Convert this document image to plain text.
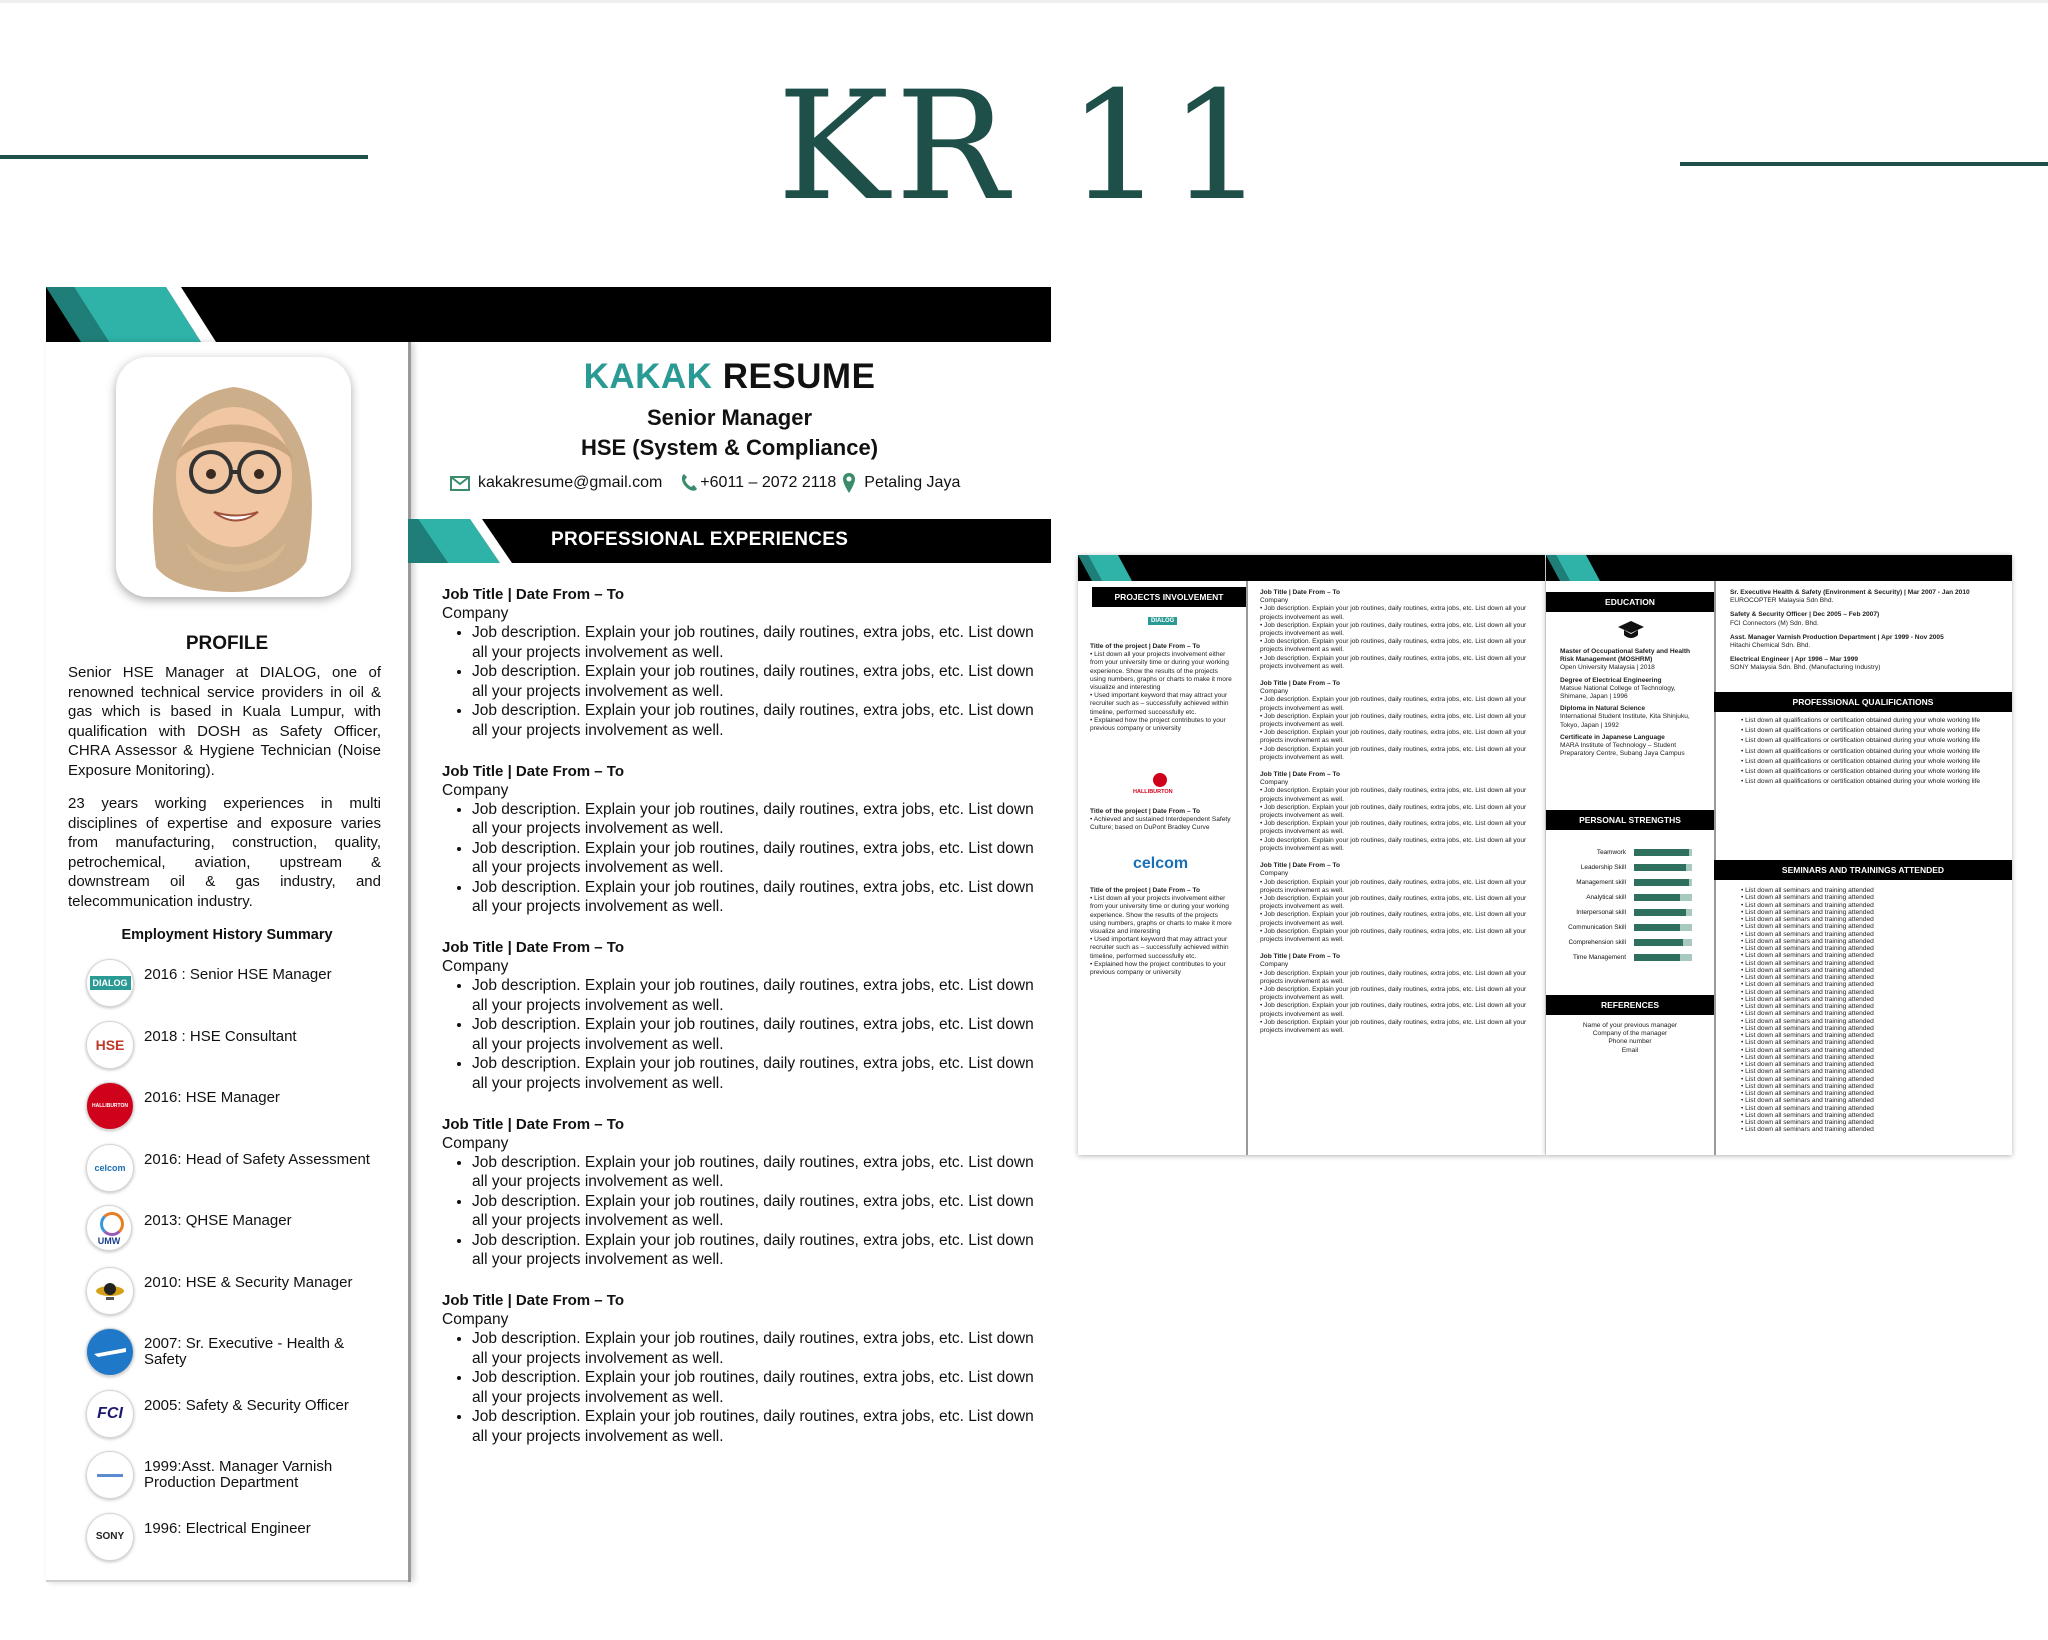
KR 11
PROFILE
Senior HSE Manager at DIALOG, one of renowned technical service providers in oil & gas which is based in Kuala Lumpur, with qualification with DOSH as Safety Officer, CHRA Assessor & Hygiene Technician (Noise Exposure Monitoring).
23 years working experiences in multi disciplines of expertise and exposure varies from manufacturing, construction, quality, petrochemical, aviation, upstream & downstream oil & gas industry, and telecommunication industry.
Employment History Summary
DIALOG 2016 : Senior HSE Manager
HSE 2018 : HSE Consultant
HALLIBURTON 2016: HSE Manager
celcom 2016: Head of Safety Assessment
UMW
2013: QHSE Manager
2010: HSE & Security Manager
2007: Sr. Executive - Health & Safety
FCI 2005: Safety & Security Officer
1999:Asst. Manager Varnish Production Department
SONY 1996: Electrical Engineer
KAKAK RESUME
Senior Manager
HSE (System & Compliance)
kakakresume@gmail.com +6011 – 2072 2118 Petaling Jaya
PROFESSIONAL EXPERIENCES
Job Title | Date From – To
Company
• Job description. Explain your job routines, daily routines, extra jobs, etc. List down all your projects involvement as well.
• Job description. Explain your job routines, daily routines, extra jobs, etc. List down all your projects involvement as well.
• Job description. Explain your job routines, daily routines, extra jobs, etc. List down all your projects involvement as well.
Job Title | Date From – To
Company
• Job description. Explain your job routines, daily routines, extra jobs, etc. List down all your projects involvement as well.
• Job description. Explain your job routines, daily routines, extra jobs, etc. List down all your projects involvement as well.
• Job description. Explain your job routines, daily routines, extra jobs, etc. List down all your projects involvement as well.
Job Title | Date From – To
Company
• Job description. Explain your job routines, daily routines, extra jobs, etc. List down all your projects involvement as well.
• Job description. Explain your job routines, daily routines, extra jobs, etc. List down all your projects involvement as well.
• Job description. Explain your job routines, daily routines, extra jobs, etc. List down all your projects involvement as well.
Job Title | Date From – To
Company
• Job description. Explain your job routines, daily routines, extra jobs, etc. List down all your projects involvement as well.
• Job description. Explain your job routines, daily routines, extra jobs, etc. List down all your projects involvement as well.
• Job description. Explain your job routines, daily routines, extra jobs, etc. List down all your projects involvement as well.
Job Title | Date From – To
Company
• Job description. Explain your job routines, daily routines, extra jobs, etc. List down all your projects involvement as well.
• Job description. Explain your job routines, daily routines, extra jobs, etc. List down all your projects involvement as well.
• Job description. Explain your job routines, daily routines, extra jobs, etc. List down all your projects involvement as well.
PROJECTS INVOLVEMENT
DIALOG
Title of the project | Date From – To
• List down all your projects involvement either from your university time or during your working experience. Show the results of the projects using numbers, graphs or charts to make it more visualize and interesting
• Used important keyword that may attract your recruiter such as – successfully achieved within timeline, performed successfully etc.
• Explained how the project contributes to your previous company or university
HALLIBURTON
Title of the project | Date From – To
• Achieved and sustained Interdependent Safety Culture; based on DuPont Bradley Curve
celcom
Title of the project | Date From – To
• List down all your projects involvement either from your university time or during your working experience. Show the results of the projects using numbers, graphs or charts to make it more visualize and interesting
• Used important keyword that may attract your recruiter such as – successfully achieved within timeline, performed successfully etc.
• Explained how the project contributes to your previous company or university
Job Title | Date From – To
Company
• Job description. Explain your job routines, daily routines, extra jobs, etc. List down all your projects involvement as well.
• Job description. Explain your job routines, daily routines, extra jobs, etc. List down all your projects involvement as well.
• Job description. Explain your job routines, daily routines, extra jobs, etc. List down all your projects involvement as well.
• Job description. Explain your job routines, daily routines, extra jobs, etc. List down all your projects involvement as well.
Job Title | Date From – To
Company
• Job description. Explain your job routines, daily routines, extra jobs, etc. List down all your projects involvement as well.
• Job description. Explain your job routines, daily routines, extra jobs, etc. List down all your projects involvement as well.
• Job description. Explain your job routines, daily routines, extra jobs, etc. List down all your projects involvement as well.
• Job description. Explain your job routines, daily routines, extra jobs, etc. List down all your projects involvement as well.
Job Title | Date From – To
Company
• Job description. Explain your job routines, daily routines, extra jobs, etc. List down all your projects involvement as well.
• Job description. Explain your job routines, daily routines, extra jobs, etc. List down all your projects involvement as well.
• Job description. Explain your job routines, daily routines, extra jobs, etc. List down all your projects involvement as well.
• Job description. Explain your job routines, daily routines, extra jobs, etc. List down all your projects involvement as well.
Job Title | Date From – To
Company
• Job description. Explain your job routines, daily routines, extra jobs, etc. List down all your projects involvement as well.
• Job description. Explain your job routines, daily routines, extra jobs, etc. List down all your projects involvement as well.
• Job description. Explain your job routines, daily routines, extra jobs, etc. List down all your projects involvement as well.
• Job description. Explain your job routines, daily routines, extra jobs, etc. List down all your projects involvement as well.
Job Title | Date From – To
Company
• Job description. Explain your job routines, daily routines, extra jobs, etc. List down all your projects involvement as well.
• Job description. Explain your job routines, daily routines, extra jobs, etc. List down all your projects involvement as well.
• Job description. Explain your job routines, daily routines, extra jobs, etc. List down all your projects involvement as well.
• Job description. Explain your job routines, daily routines, extra jobs, etc. List down all your projects involvement as well.
EDUCATION
Master of Occupational Safety and Health Risk Management (MOSHRM)
Open University Malaysia | 2018
Degree of Electrical Engineering
Matsue National College of Technology, Shimane, Japan | 1996
Diploma in Natural Science
International Student Institute, Kita Shinjuku, Tokyo, Japan | 1992
Certificate in Japanese Language
MARA Institute of Technology – Student Preparatory Centre, Subang Jaya Campus
PERSONAL STRENGTHS
Teamwork
Leadership Skill
Management skill
Analytical skill
Interpersonal skill
Communication Skill
Comprehension skill
Time Management
REFERENCES
Name of your previous manager
Company of the manager
Phone number
Email
Sr. Executive Health & Safety (Environment & Security) | Mar 2007 - Jan 2010
EUROCOPTER Malaysia Sdn Bhd.
Safety & Security Officer | Dec 2005 – Feb 2007)
FCI Connectors (M) Sdn. Bhd.
Asst. Manager Varnish Production Department | Apr 1999 - Nov 2005
Hitachi Chemical Sdn. Bhd.
Electrical Engineer | Apr 1996 – Mar 1999
SONY Malaysia Sdn. Bhd. (Manufacturing Industry)
PROFESSIONAL QUALIFICATIONS
• List down all qualifications or certification obtained during your whole working life
• List down all qualifications or certification obtained during your whole working life
• List down all qualifications or certification obtained during your whole working life
• List down all qualifications or certification obtained during your whole working life
• List down all qualifications or certification obtained during your whole working life
• List down all qualifications or certification obtained during your whole working life
• List down all qualifications or certification obtained during your whole working life
SEMINARS AND TRAININGS ATTENDED
• List down all seminars and training attended
• List down all seminars and training attended
• List down all seminars and training attended
• List down all seminars and training attended
• List down all seminars and training attended
• List down all seminars and training attended
• List down all seminars and training attended
• List down all seminars and training attended
• List down all seminars and training attended
• List down all seminars and training attended
• List down all seminars and training attended
• List down all seminars and training attended
• List down all seminars and training attended
• List down all seminars and training attended
• List down all seminars and training attended
• List down all seminars and training attended
• List down all seminars and training attended
• List down all seminars and training attended
• List down all seminars and training attended
• List down all seminars and training attended
• List down all seminars and training attended
• List down all seminars and training attended
• List down all seminars and training attended
• List down all seminars and training attended
• List down all seminars and training attended
• List down all seminars and training attended
• List down all seminars and training attended
• List down all seminars and training attended
• List down all seminars and training attended
• List down all seminars and training attended
• List down all seminars and training attended
• List down all seminars and training attended
• List down all seminars and training attended
• List down all seminars and training attended
